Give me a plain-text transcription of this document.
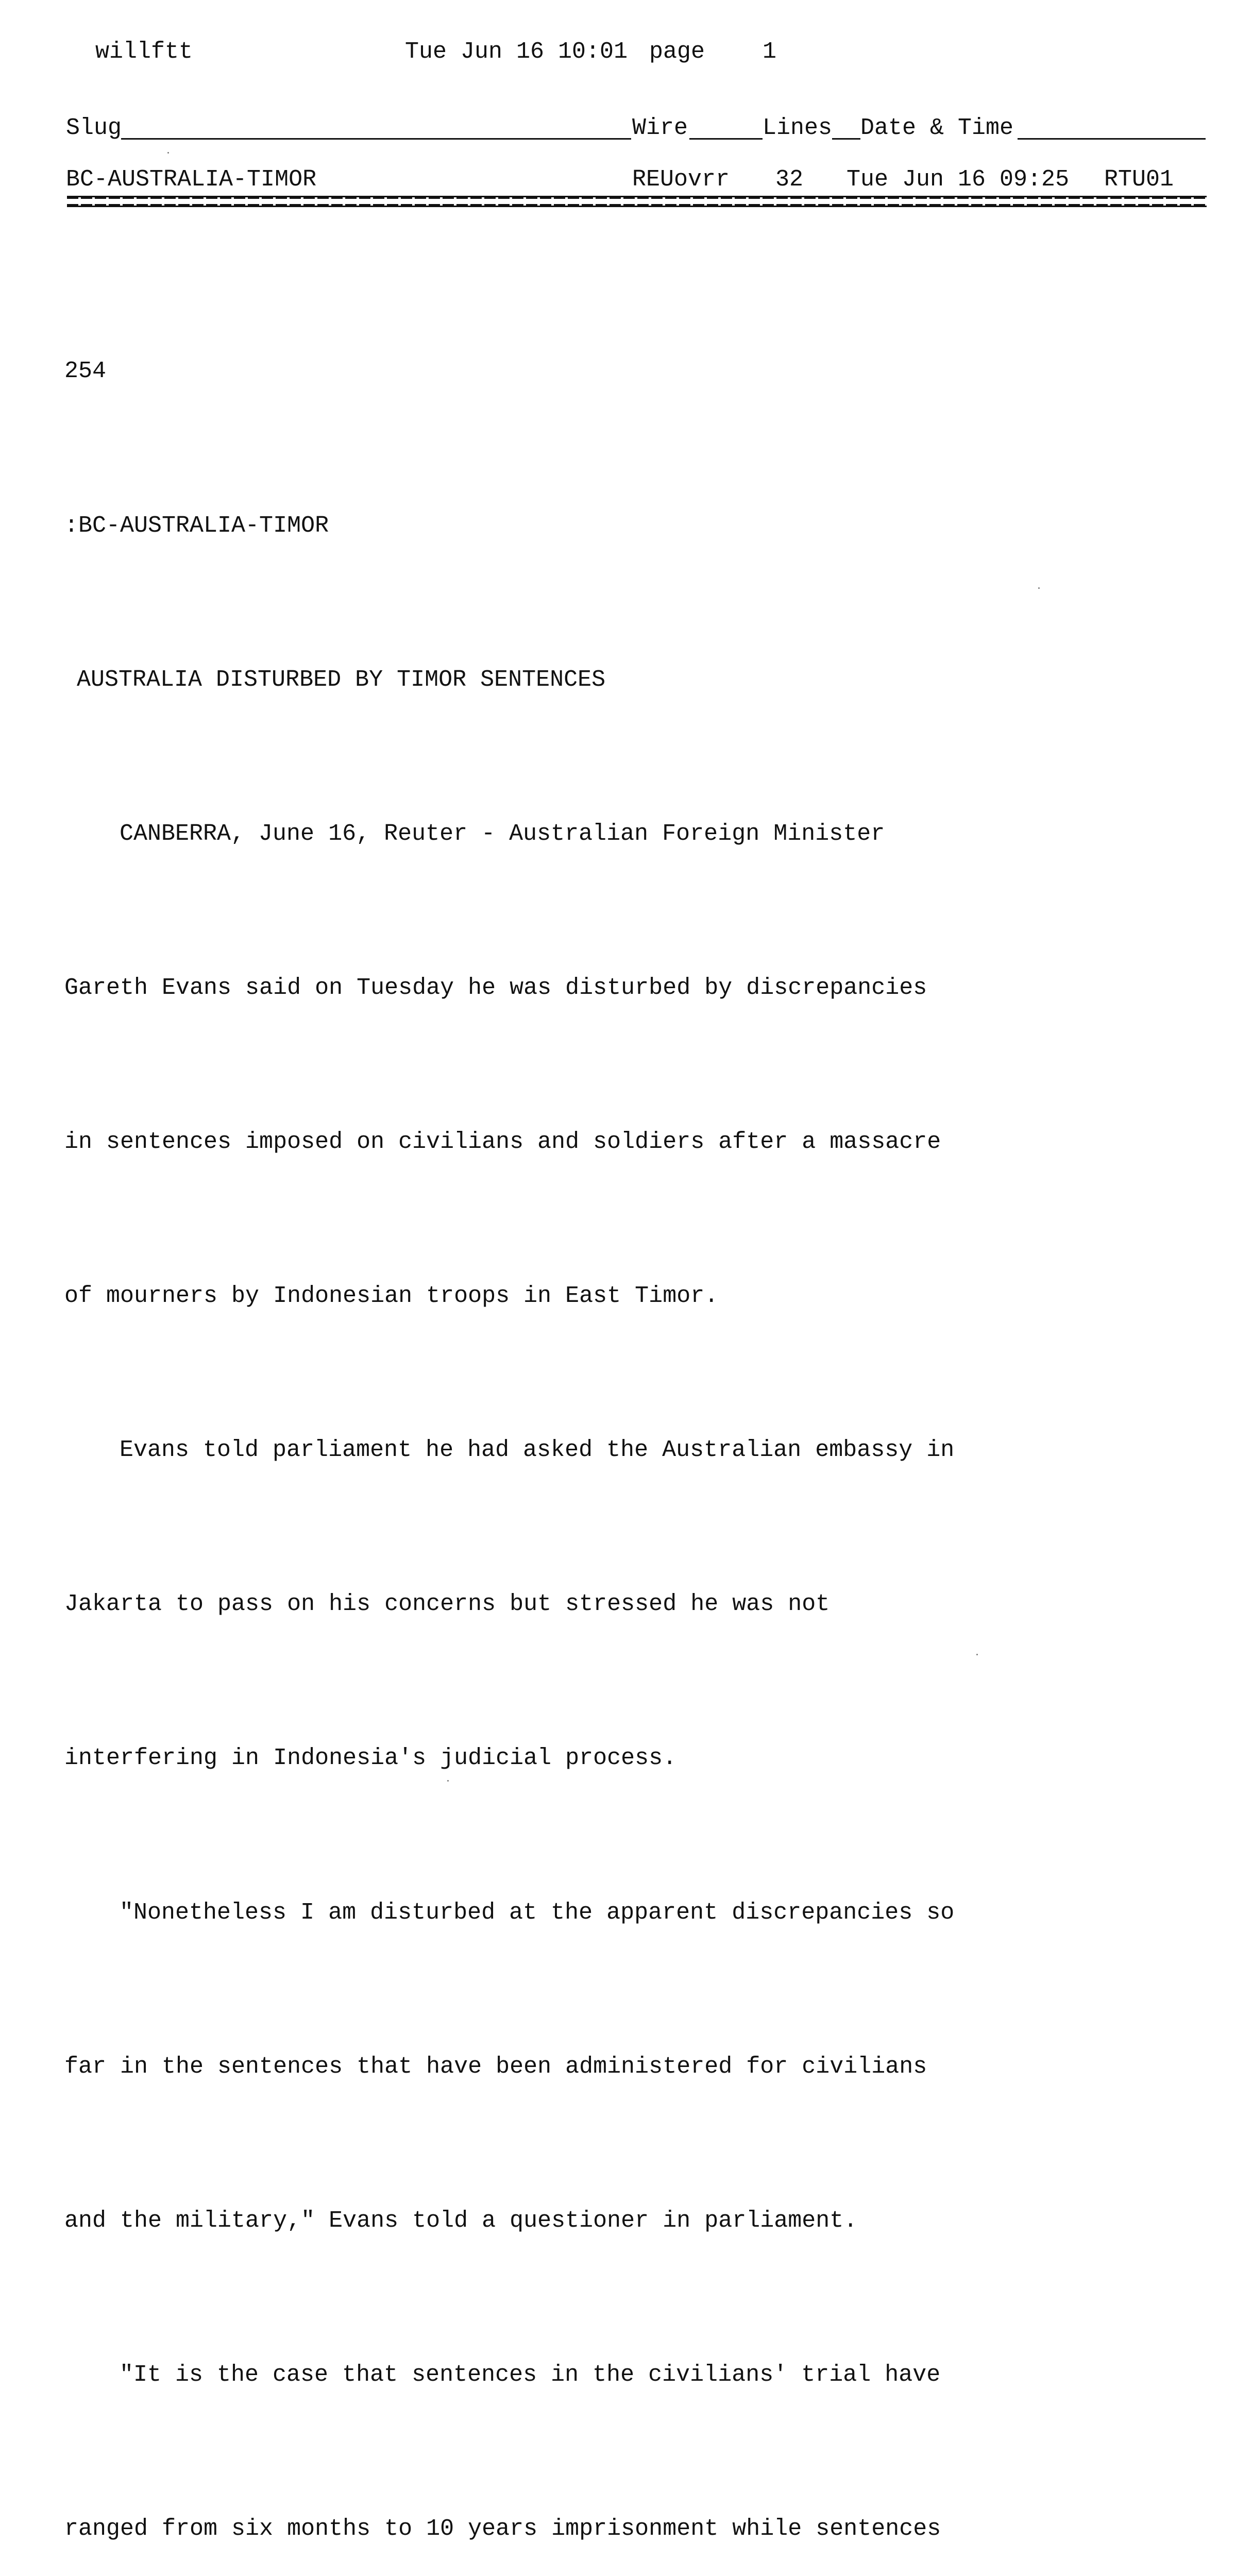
willftt	Tue Jun 16 10:01 page 1
Slug	Wire	Lines Date & Time
BC-AUSTRALIA-TIMOR	REUovrr 32 Tue Jun 16 09:25 RTU01

254

:BC-AUSTRALIA-TIMOR

AUSTRALIA DISTURBED BY TIMOR SENTENCES

CANBERRA, June 16, Reuter - Australian Foreign Minister

Gareth Evans said on Tuesday he was disturbed by discrepancies

in sentences imposed on civilians and soldiers after a massacre

of mourners by Indonesian troops in East Timor.

Evans told parliament he had asked the Australian embassy in

Jakarta to pass on his concerns but stressed he was not

interfering in Indonesia's judicial process.

"Nonetheless I am disturbed at the apparent discrepancies so

far in the sentences that have been administered for civilians

and the military," Evans told a questioner in parliament.

"It is the case that sentences in the civilians' trial have

ranged from six months to 10 years imprisonment while sentences
